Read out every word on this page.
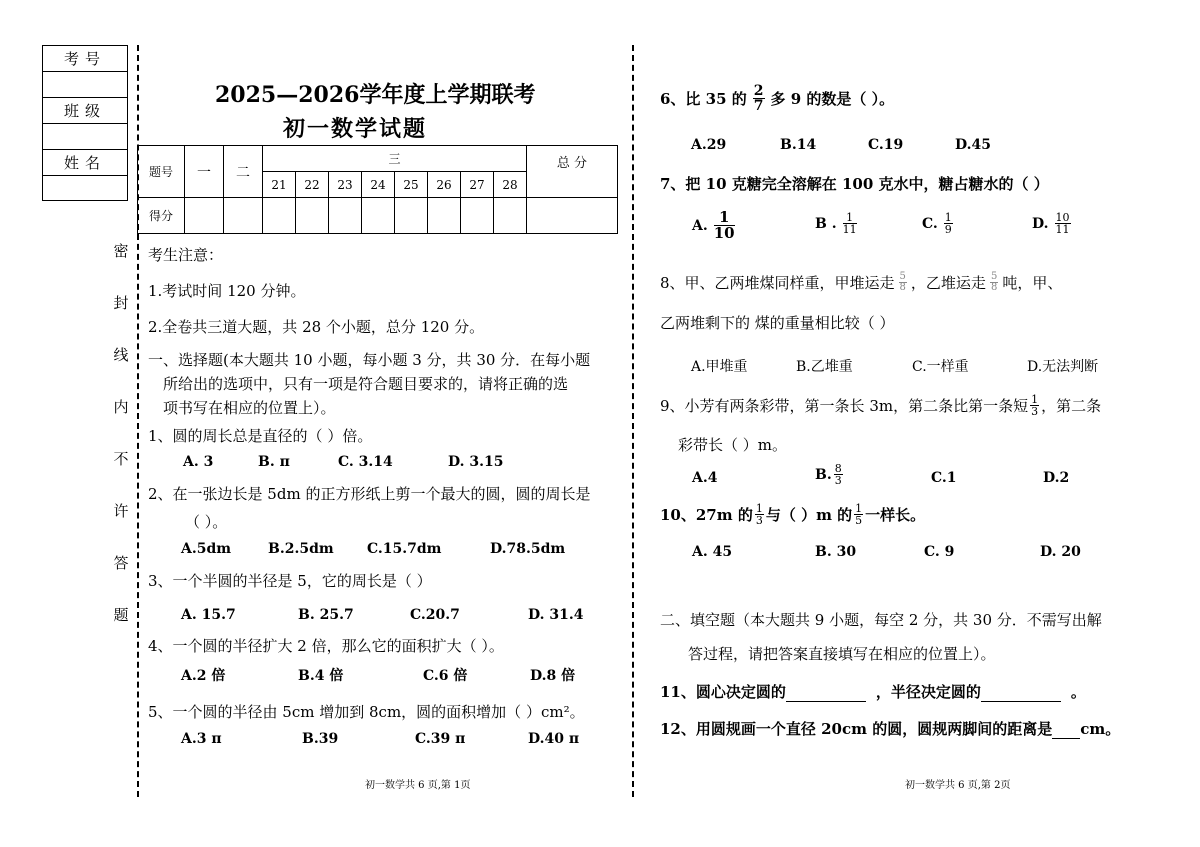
考号
班级
姓名
密
封
线
内
不
许
答
题
2025—2026学年度上学期联考
初一数学试题
题号	一	二	三								总 分
			21	22	23	24	25	26	27	28	
得分											
考生注意：
1.考试时间 120 分钟。
2.全卷共三道大题，共 28 个小题，总分 120 分。
一、选择题(本大题共 10 小题，每小题 3 分，共 30 分．在每小题
所给出的选项中，只有一项是符合题目要求的，请将正确的选
项书写在相应的位置上）。
1、圆的周长总是直径的（ ）倍。
A. 3	B. π	C. 3.14	D. 3.15
2、在一张边长是 5dm 的正方形纸上剪一个最大的圆，圆的周长是
（ ）。
A.5dm	B.2.5dm C.15.7dm	D.78.5dm
3、一个半圆的半径是 5，它的周长是（ ）
A. 15.7	B. 25.7	C.20.7	D. 31.4
4、一个圆的半径扩大 2 倍，那么它的面积扩大（ ）。
A.2 倍	B.4 倍	C.6 倍	D.8 倍
5、一个圆的半径由 5cm 增加到 8cm，圆的面积增加（ ）cm²。
A.3 π	B.39	C.39 π	D.40 π
初一数学共 6 页,第 1页
6、比 35 的 $\frac{2}{7}$ 多 9 的数是（ ）。
A.29	B.14	C.19	D.45
7、把 10 克糖完全溶解在 100 克水中，糖占糖水的（ ）
A. $\frac{1}{10}$	B . $\frac{1}{11}$	C. $\frac{1}{9}$	D. $\frac{10}{11}$
8、甲、乙两堆煤同样重，甲堆运走 $\frac{5}{8}$ ，乙堆运走 $\frac{5}{8}$ 吨，甲、
乙两堆剩下的 煤的重量相比较（ ）
A.甲堆重	B.乙堆重	C.一样重	D.无法判断
9、小芳有两条彩带，第一条长 3m，第二条比第一条短 $\frac{1}{3}$ ，第二条
彩带长（ ）m。
A.4	B. $\frac{8}{3}$	C.1	D.2
10、27m 的 $\frac{1}{3}$ 与（ ）m 的 $\frac{1}{5}$ 一样长。
A. 45	B. 30	C. 9	D. 20
二、填空题（本大题共 9 小题，每空 2 分，共 30 分．不需写出解
答过程，请把答案直接填写在相应的位置上）。
11、圆心决定圆的	，半径决定圆的	。
12、用圆规画一个直径 20cm 的圆，圆规两脚间的距离是 cm。
初一数学共 6 页,第 2页
